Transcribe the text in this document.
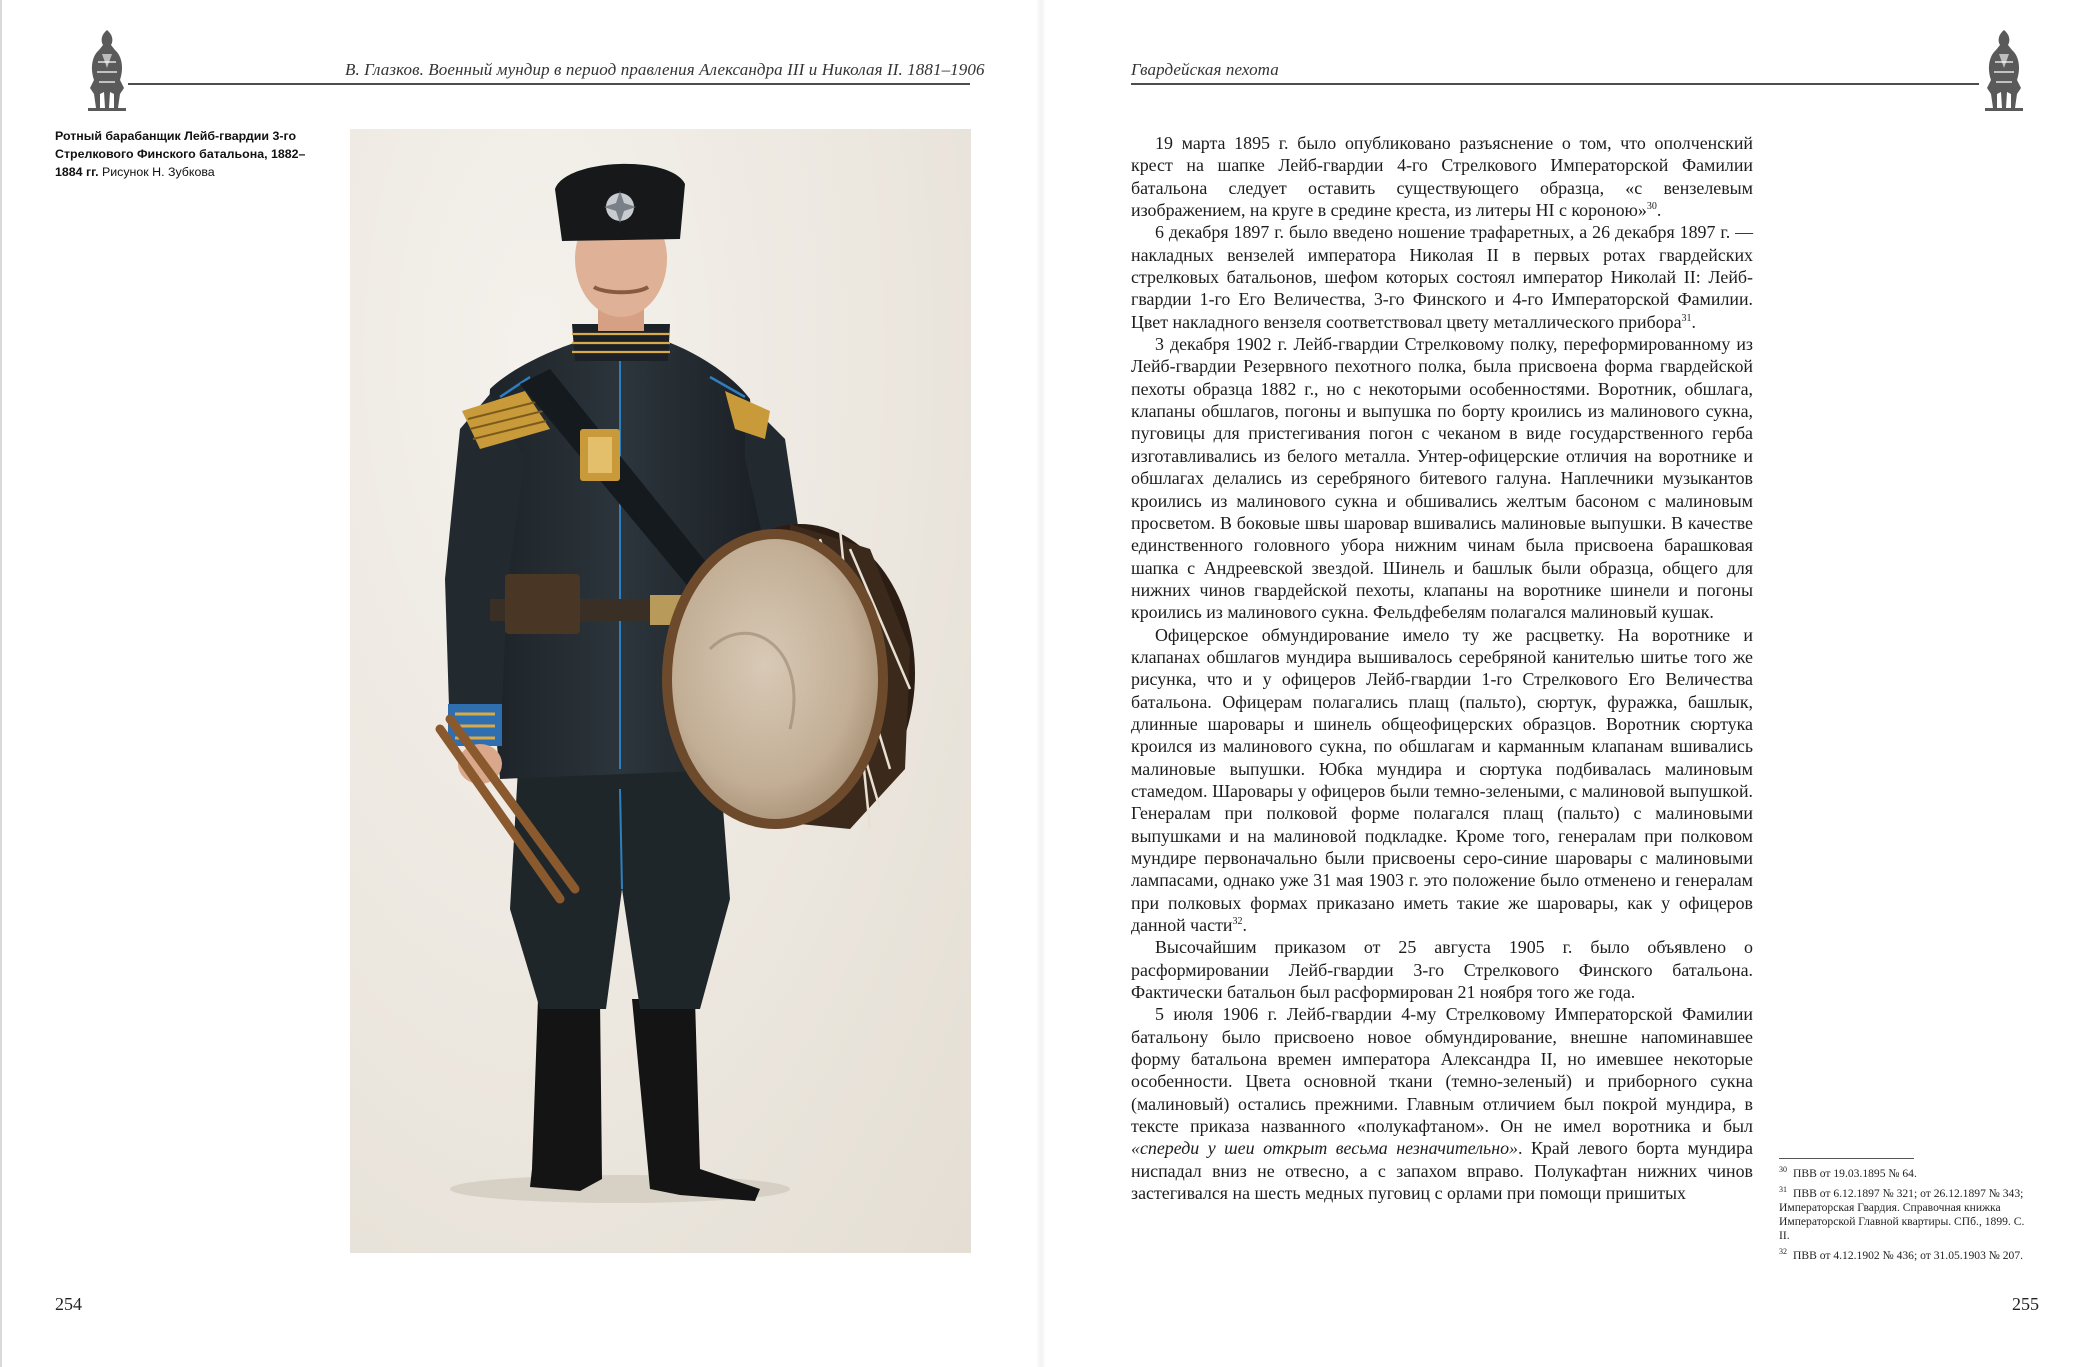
В. Глазков. Военный мундир в период правления Александра III и Николая II. 1881–1906
Ротный барабанщик Лейб-гвардии 3-го Стрелкового Финского батальона, 1882–1884 гг. Рисунок Н. Зубкова
254
Гвардейская пехота

19 марта 1895 г. было опубликовано разъяснение о том, что ополченский крест на шапке Лейб-гвардии 4-го Стрелкового Императорской Фамилии батальона следует оставить существующего образца, «с вензелевым изображением, на круге в средине креста, из литеры НІ с короною»$^{30}$.

6 декабря 1897 г. было введено ношение трафаретных, а 26 декабря 1897 г. — накладных вензелей императора Николая II в первых ротах гвардейских стрелковых батальонов, шефом которых состоял император Николай II: Лейб-гвардии 1-го Его Величества, 3-го Финского и 4-го Императорской Фамилии. Цвет накладного вензеля соответствовал цвету металлического прибора$^{31}$.

3 декабря 1902 г. Лейб-гвардии Стрелковому полку, переформированному из Лейб-гвардии Резервного пехотного полка, была присвоена форма гвардейской пехоты образца 1882 г., но с некоторыми особенностями. Воротник, обшлага, клапаны обшлагов, погоны и выпушка по борту кроились из малинового сукна, пуговицы для пристегивания погон с чеканом в виде государственного герба изготавливались из белого металла. Унтер-офицерские отличия на воротнике и обшлагах делались из серебряного битевого галуна. Наплечники музыкантов кроились из малинового сукна и обшивались желтым басоном с малиновым просветом. В боковые швы шаровар вшивались малиновые выпушки. В качестве единственного головного убора нижним чинам была присвоена барашковая шапка с Андреевской звездой. Шинель и башлык были образца, общего для нижних чинов гвардейской пехоты, клапаны на воротнике шинели и погоны кроились из малинового сукна. Фельдфебелям полагался малиновый кушак.

Офицерское обмундирование имело ту же расцветку. На воротнике и клапанах обшлагов мундира вышивалось серебряной канителью шитье того же рисунка, что и у офицеров Лейб-гвардии 1-го Стрелкового Его Величества батальона. Офицерам полагались плащ (пальто), сюртук, фуражка, башлык, длинные шаровары и шинель общеофицерских образцов. Воротник сюртука кроился из малинового сукна, по обшлагам и карманным клапанам вшивались малиновые выпушки. Юбка мундира и сюртука подбивалась малиновым стамедом. Шаровары у офицеров были темно-зелеными, с малиновой выпушкой. Генералам при полковой форме полагался плащ (пальто) с малиновыми выпушками и на малиновой подкладке. Кроме того, генералам при полковом мундире первоначально были присвоены серо-синие шаровары с малиновыми лампасами, однако уже 31 мая 1903 г. это положение было отменено и генералам при полковых формах приказано иметь такие же шаровары, как у офицеров данной части$^{32}$.

Высочайшим приказом от 25 августа 1905 г. было объявлено о расформировании Лейб-гвардии 3-го Стрелкового Финского батальона. Фактически батальон был расформирован 21 ноября того же года.

5 июля 1906 г. Лейб-гвардии 4-му Стрелковому Императорской Фамилии батальону было присвоено новое обмундирование, внешне напоминавшее форму батальона времен императора Александра II, но имевшее некоторые особенности. Цвета основной ткани (темно-зеленый) и приборного сукна (малиновый) остались прежними. Главным отличием был покрой мундира, в тексте приказа названного «полукафтаном». Он не имел воротника и был «спереди у шеи открыт весьма незначительно». Край левого борта мундира ниспадал вниз не отвесно, а с запахом вправо. Полукафтан нижних чинов застегивался на шесть медных пуговиц с орлами при помощи пришитых

$^{30}$ ПВВ от 19.03.1895 № 64.

$^{31}$ ПВВ от 6.12.1897 № 321; от 26.12.1897 № 343; Императорская Гвардия. Справочная книжка Императорской Главной квартиры. СПб., 1899. С. II.

$^{32}$ ПВВ от 4.12.1902 № 436; от 31.05.1903 № 207.

255
